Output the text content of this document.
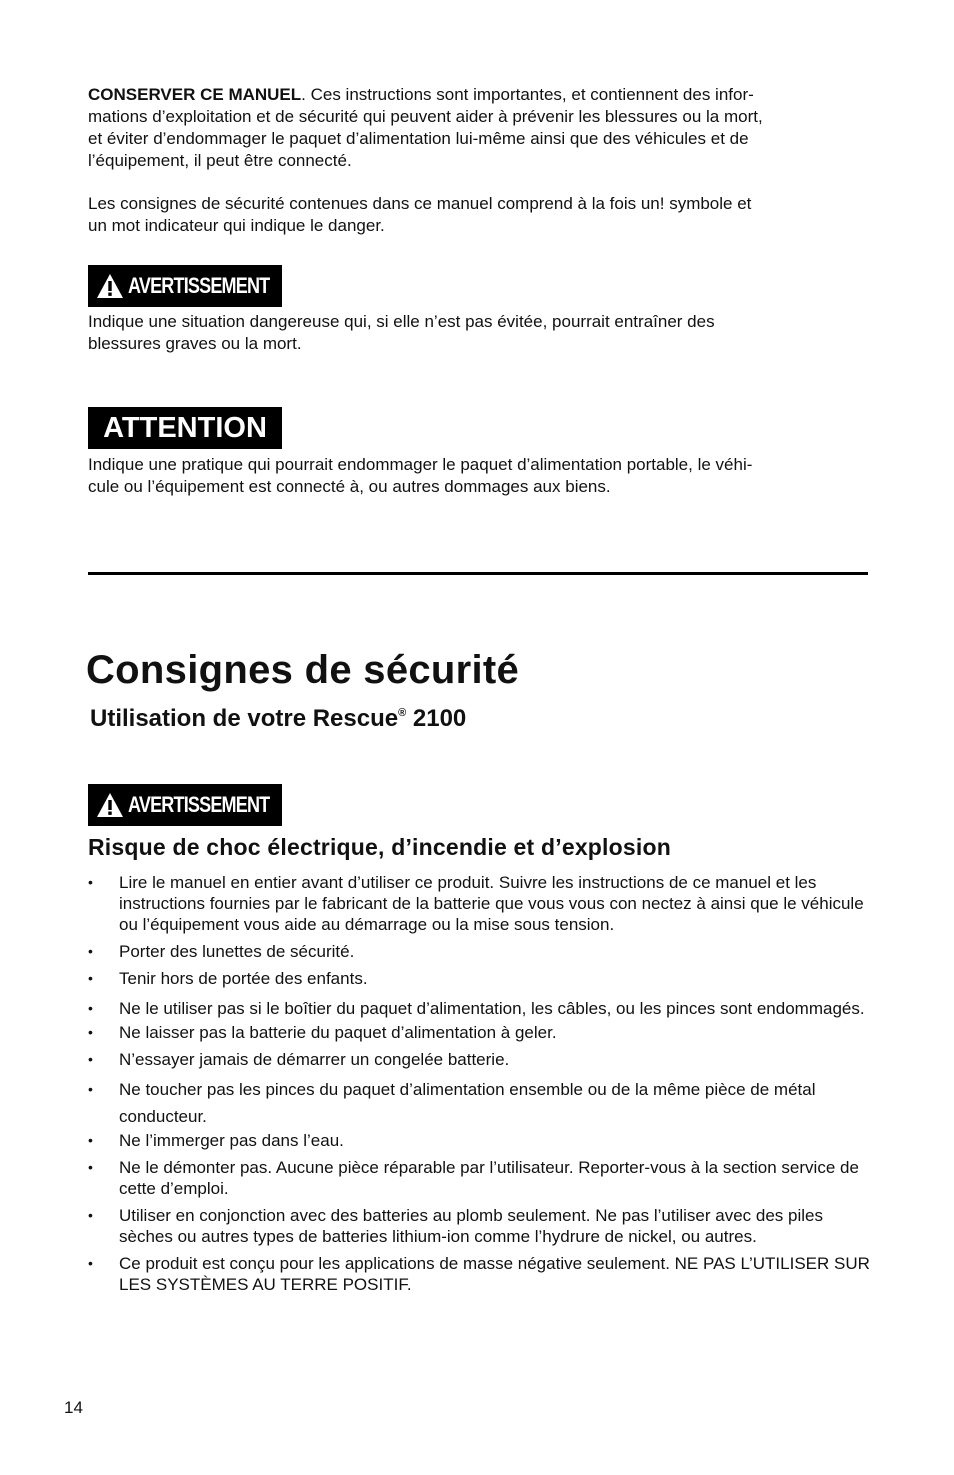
CONSERVER CE MANUEL. Ces instructions sont importantes, et contiennent des infor-
mations d’exploitation et de sécurité qui peuvent aider à prévenir les blessures ou la mort,
et éviter d’endommager le paquet d’alimentation lui-même ainsi que des véhicules et de
l’équipement, il peut être connecté.
Les consignes de sécurité contenues dans ce manuel comprend à la fois un! symbole et
un mot indicateur qui indique le danger.
AVERTISSEMENT
Indique une situation dangereuse qui, si elle n’est pas évitée, pourrait entraîner des
blessures graves ou la mort.
ATTENTION
Indique une pratique qui pourrait endommager le paquet d’alimentation portable, le véhi-
cule ou l’équipement est connecté à, ou autres dommages aux biens.
Consignes de sécurité
Utilisation de votre Rescue® 2100
AVERTISSEMENT
Risque de choc électrique, d’incendie et d’explosion
• Lire le manuel en entier avant d’utiliser ce produit. Suivre les instructions de ce manuel et les instructions fournies par le fabricant de la batterie que vous vous con nectez à ainsi que le véhicule ou l’équipement vous aide au démarrage ou la mise sous tension.
• Porter des lunettes de sécurité.
• Tenir hors de portée des enfants.
• Ne le utiliser pas si le boîtier du paquet d’alimentation, les câbles, ou les pinces sont endommagés.
• Ne laisser pas la batterie du paquet d’alimentation à geler.
• N’essayer jamais de démarrer un congelée batterie.
• Ne toucher pas les pinces du paquet d’alimentation ensemble ou de la même pièce de métal conducteur.
• Ne l’immerger pas dans l’eau.
• Ne le démonter pas. Aucune pièce réparable par l’utilisateur. Reporter-vous à la section service de cette d’emploi.
• Utiliser en conjonction avec des batteries au plomb seulement. Ne pas l’utiliser avec des piles sèches ou autres types de batteries lithium-ion comme l’hydrure de nickel, ou autres.
• Ce produit est conçu pour les applications de masse négative seulement. NE PAS L’UTILISER SUR LES SYSTÈMES AU TERRE POSITIF.
14
